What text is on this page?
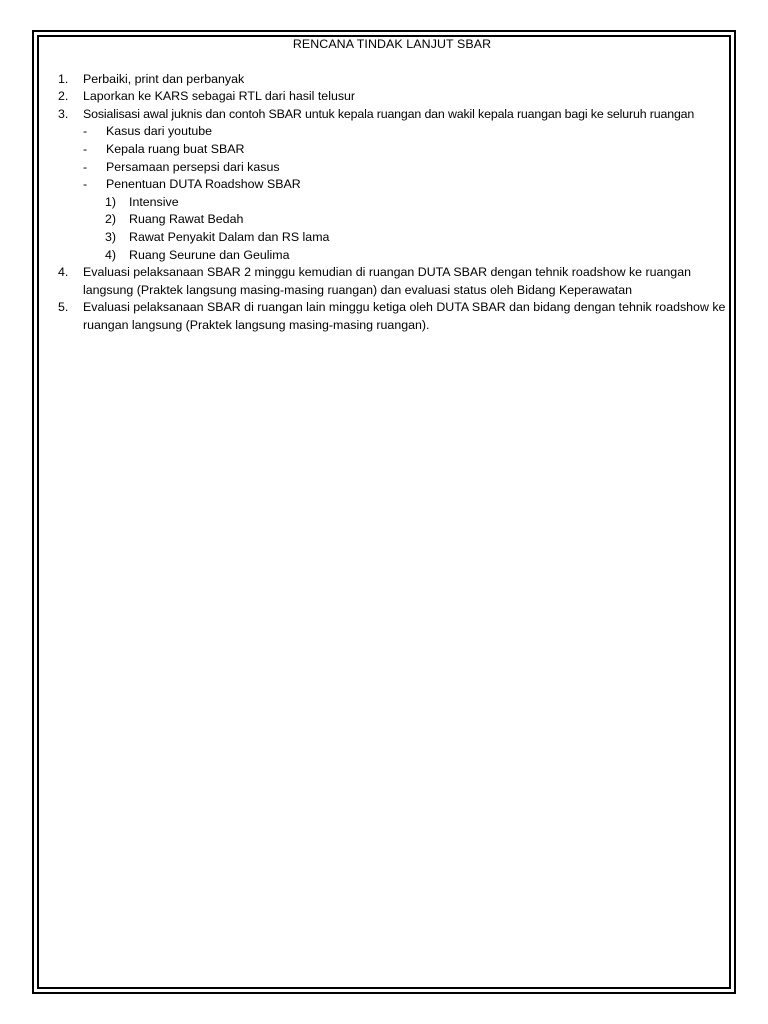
RENCANA TINDAK LANJUT SBAR
1.	Perbaiki, print dan perbanyak
2.	Laporkan ke KARS sebagai RTL dari hasil telusur
3.	Sosialisasi awal juknis dan contoh SBAR untuk kepala ruangan dan wakil kepala ruangan bagi ke seluruh ruangan
-	Kasus dari youtube
-	Kepala ruang buat SBAR
-	Persamaan persepsi dari kasus
-	Penentuan DUTA Roadshow SBAR
1)	Intensive
2)	Ruang Rawat Bedah
3)	Rawat Penyakit Dalam dan RS lama
4)	Ruang Seurune dan Geulima
4.	Evaluasi pelaksanaan SBAR 2 minggu kemudian di ruangan DUTA SBAR dengan tehnik roadshow ke ruangan langsung (Praktek langsung masing-masing ruangan) dan evaluasi status oleh Bidang Keperawatan
5.	Evaluasi pelaksanaan SBAR di ruangan lain minggu ketiga oleh DUTA SBAR dan bidang dengan tehnik roadshow ke ruangan langsung (Praktek langsung masing-masing ruangan).
